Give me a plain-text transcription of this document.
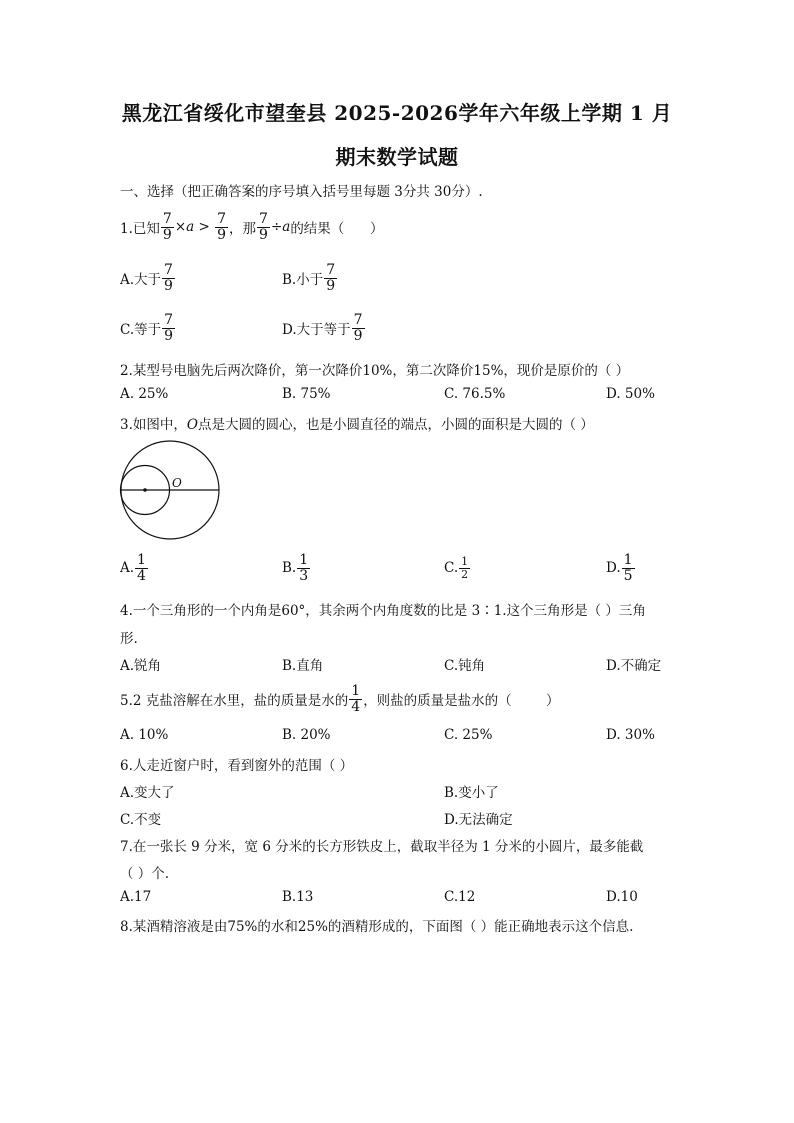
黑龙江省绥化市望奎县 2025-2026学年六年级上学期 1 月
期末数学试题
一、选择（把正确答案的序号填入括号里每题 3分共 30分）.
1.已知 $\frac{7}{9} \times a > \frac{7}{9}$ ，那 $\frac{7}{9} \div a$ 的结果（      ）
A.大于 $\frac{7}{9}$	B.小于 $\frac{7}{9}$
C.等于 $\frac{7}{9}$	D.大于等于 $\frac{7}{9}$
2.某型号电脑先后两次降价，第一次降价10%，第二次降价15%，现价是原价的（ ）
A. 25%	B. 75%	C. 76.5%	D. 50%
3.如图中，O点是大圆的圆心，也是小圆直径的端点，小圆的面积是大圆的（ ）
O
A. $\frac{1}{4}$	B. $\frac{1}{3}$	C. $\frac{1}{2}$	D. $\frac{1}{5}$
4.一个三角形的一个内角是60°，其余两个内角度数的比是 3∶1.这个三角形是（ ）三角
形.
A.锐角	B.直角	C.钝角	D.不确定
5.2 克盐溶解在水里，盐的质量是水的 $\frac{1}{4}$ ，则盐的质量是盐水的（        ）
A. 10%	B. 20%	C. 25%	D. 30%
6.人走近窗户时，看到窗外的范围（ ）
A.变大了	B.变小了
C.不变	D.无法确定
7.在一张长 9 分米，宽 6 分米的长方形铁皮上，截取半径为 1 分米的小圆片，最多能截
（ ）个.
A.17	B.13	C.12	D.10
8.某酒精溶液是由75%的水和25%的酒精形成的，下面图（ ）能正确地表示这个信息.
